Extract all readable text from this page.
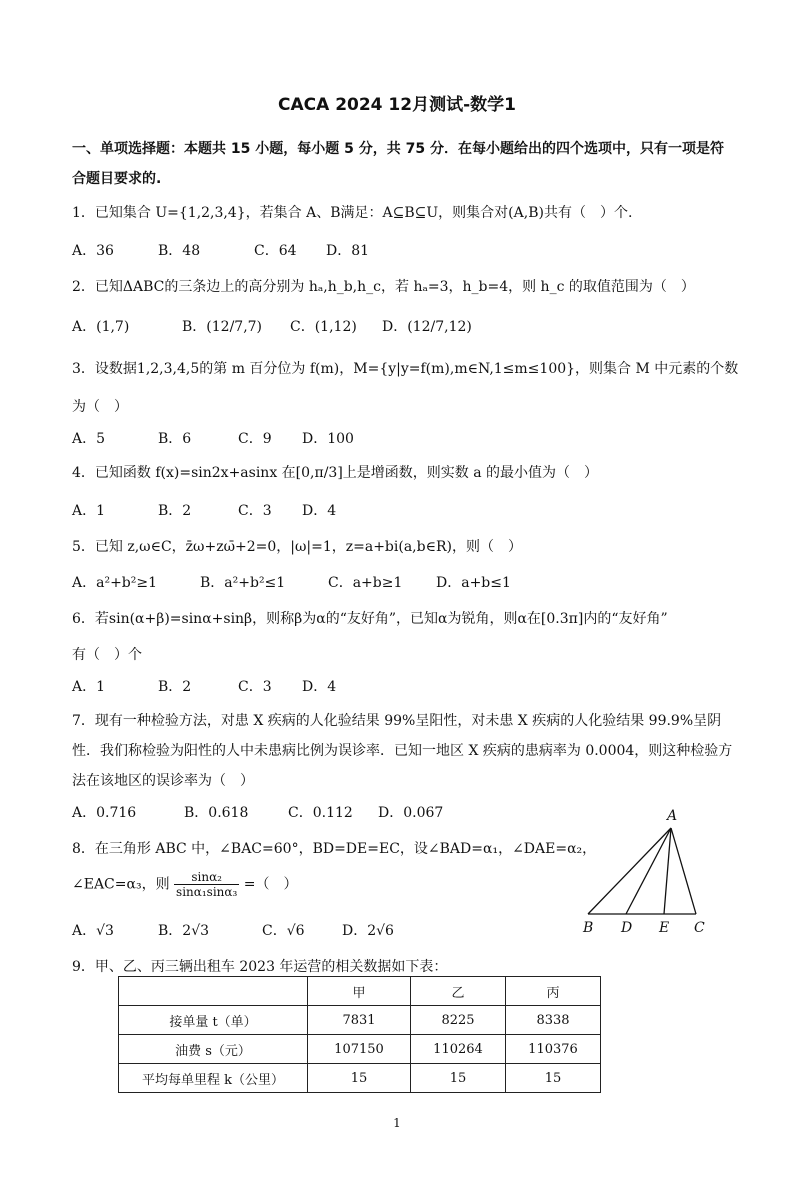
CACA 2024 12月测试-数学1
一、单项选择题：本题共 15 小题，每小题 5 分，共 75 分．在每小题给出的四个选项中，只有一项是符
合题目要求的.
1．已知集合 U={1,2,3,4}，若集合 A、B满足：A⊆B⊆U，则集合对(A,B)共有（　）个.
A．36	B．48	C．64 D．81
2．已知ΔABC的三条边上的高分别为 hₐ,h_b,h_c，若 hₐ=3，h_b=4，则 h_c 的取值范围为（　）
A．(1,7)	B．(12/7,7) C．(1,12) D．(12/7,12)
3．设数据1,2,3,4,5的第 m 百分位为 f(m)，M={y|y=f(m),m∈N,1≤m≤100}，则集合 M 中元素的个数
为（　）
A．5	B．6	C．9 D．100
4．已知函数 f(x)=sin2x+asinx 在[0,π/3]上是增函数，则实数 a 的最小值为（　）
A．1	B．2	C．3 D．4
5．已知 z,ω∈C，z̄ω+zω̄+2=0，|ω|=1，z=a+bi(a,b∈R)，则（　）
A．a²+b²≥1	B．a²+b²≤1	C．a+b≥1 D．a+b≤1
6．若sin(α+β)=sinα+sinβ，则称β为α的“友好角”，已知α为锐角，则α在[0.3π]内的“友好角”
有（　）个
A．1	B．2	C．3 D．4
7．现有一种检验方法，对患 X 疾病的人化验结果 99%呈阳性，对未患 X 疾病的人化验结果 99.9%呈阴
性．我们称检验为阳性的人中未患病比例为误诊率．已知一地区 X 疾病的患病率为 0.0004，则这种检验方
法在该地区的误诊率为（　）
A．0.716	B．0.618	C．0.112 D．0.067
8．在三角形 ABC 中，∠BAC=60°，BD=DE=EC，设∠BAD=α₁，∠DAE=α₂，
∠EAC=α₃，则 $\frac{\text{sinα₂}}{\text{sinα₁sinα₃}}$ =（　）
A．√3	B．2√3	C．√6	D．2√6
A
B D E C
9．甲、乙、丙三辆出租车 2023 年运营的相关数据如下表：
	甲	乙	丙
接单量 t（单）	7831	8225	8338
油费 s（元）	107150	110264	110376
平均每单里程 k（公里）	15	15	15
1
